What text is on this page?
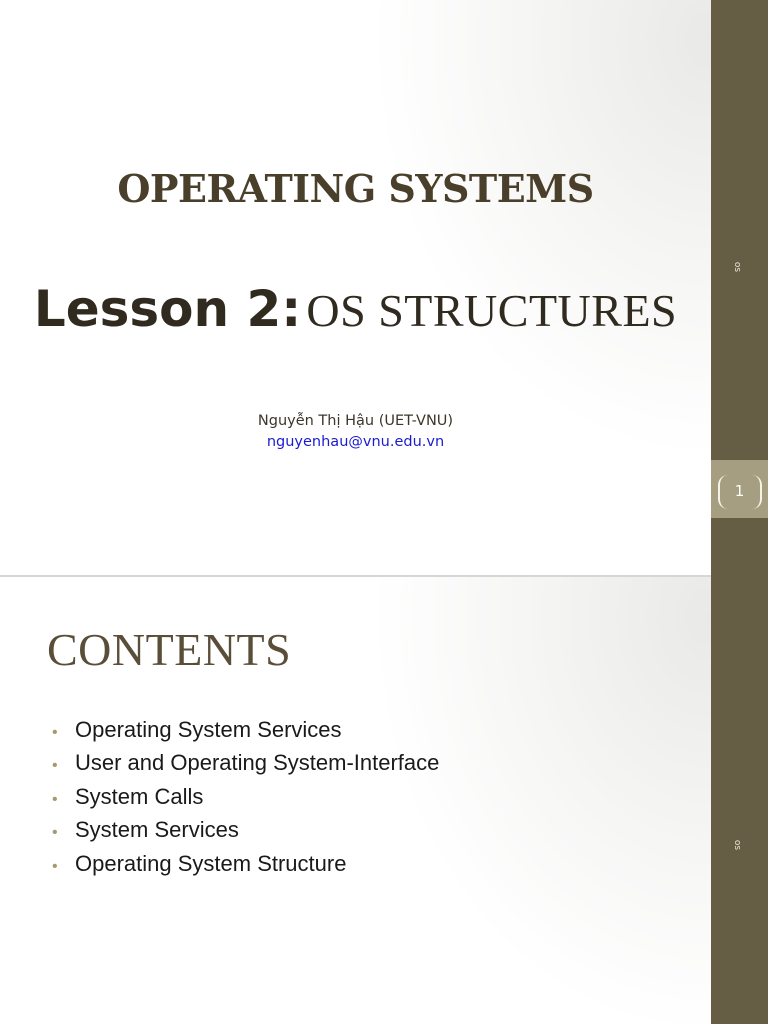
os
1
os
OPERATING SYSTEMS
Lesson 2: OS STRUCTURES
Nguyễn Thị Hậu (UET-VNU)
nguyenhau@vnu.edu.vn
CONTENTS
• Operating System Services
• User and Operating System-Interface
• System Calls
• System Services
• Operating System Structure
